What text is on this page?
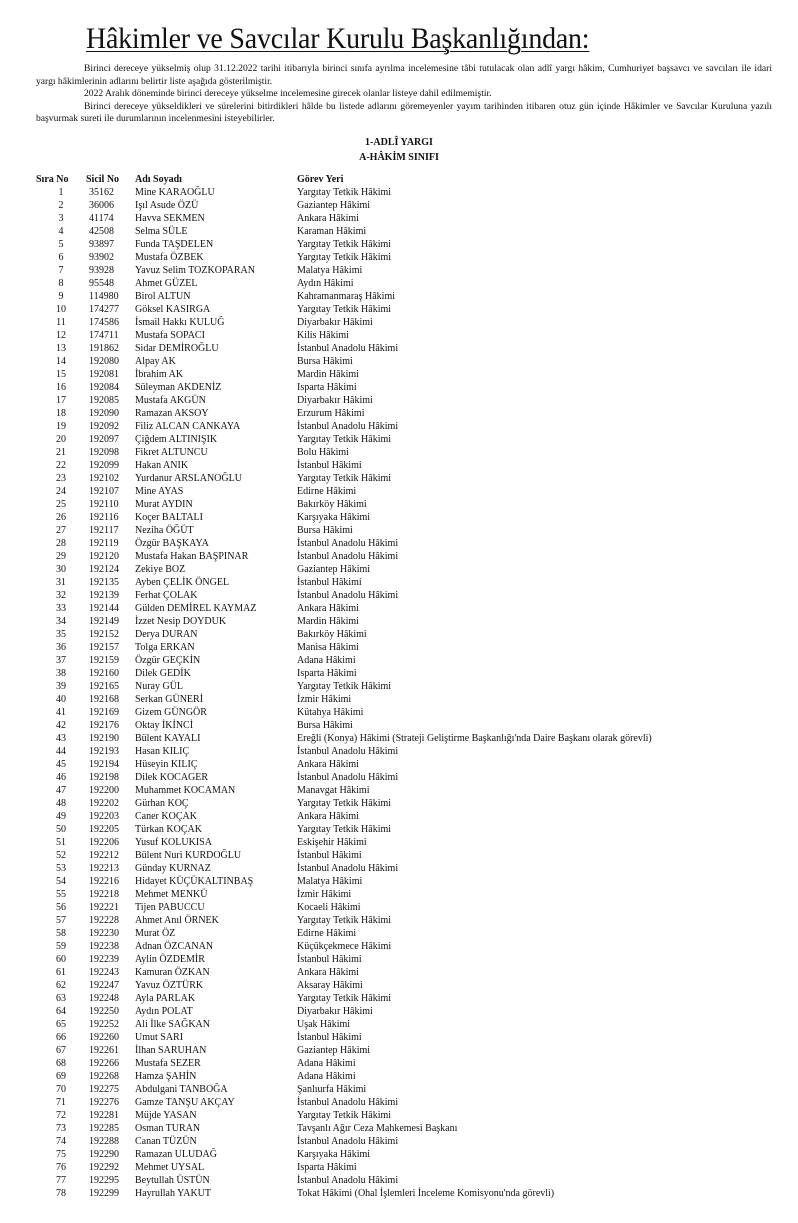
Hâkimler ve Savcılar Kurulu Başkanlığından:

Birinci dereceye yükselmiş olup 31.12.2022 tarihi itibarıyla birinci sınıfa ayrılma incelemesine tâbi tutulacak olan adlî yargı hâkim, Cumhuriyet başsavcı ve savcıları ile idari yargı hâkimlerinin adlarını belirtir liste aşağıda gösterilmiştir.

2022 Aralık döneminde birinci dereceye yükselme incelemesine girecek olanlar listeye dahil edilmemiştir.

Birinci dereceye yükseldikleri ve sürelerini bitirdikleri hâlde bu listede adlarını göremeyenler yayım tarihinden itibaren otuz gün içinde Hâkimler ve Savcılar Kuruluna yazılı başvurmak sureti ile durumlarının incelenmesini isteyebilirler.

1-ADLÎ YARGI
A-HÂKİM SINIFI
Sıra No	Sicil No	Adı Soyadı	Görev Yeri
1	35162	Mine KARAOĞLU	Yargıtay Tetkik Hâkimi
2	36006	Işıl Asude ÖZÜ	Gaziantep Hâkimi
3	41174	Havva SEKMEN	Ankara Hâkimi
4	42508	Selma SÜLE	Karaman Hâkimi
5	93897	Funda TAŞDELEN	Yargıtay Tetkik Hâkimi
6	93902	Mustafa ÖZBEK	Yargıtay Tetkik Hâkimi
7	93928	Yavuz Selim TOZKOPARAN	Malatya Hâkimi
8	95548	Ahmet GÜZEL	Aydın Hâkimi
9	114980	Birol ALTUN	Kahramanmaraş Hâkimi
10	174277	Göksel KASIRGA	Yargıtay Tetkik Hâkimi
11	174586	İsmail Hakkı KULUĞ	Diyarbakır Hâkimi
12	174711	Mustafa SOPACI	Kilis Hâkimi
13	191862	Sidar DEMİROĞLU	İstanbul Anadolu Hâkimi
14	192080	Alpay AK	Bursa Hâkimi
15	192081	İbrahim AK	Mardin Hâkimi
16	192084	Süleyman AKDENİZ	Isparta Hâkimi
17	192085	Mustafa AKGÜN	Diyarbakır Hâkimi
18	192090	Ramazan AKSOY	Erzurum Hâkimi
19	192092	Filiz ALCAN CANKAYA	İstanbul Anadolu Hâkimi
20	192097	Çiğdem ALTINIŞIK	Yargıtay Tetkik Hâkimi
21	192098	Fikret ALTUNCU	Bolu Hâkimi
22	192099	Hakan ANIK	İstanbul Hâkimi
23	192102	Yurdanur ARSLANOĞLU	Yargıtay Tetkik Hâkimi
24	192107	Mine AYAS	Edirne Hâkimi
25	192110	Murat AYDIN	Bakırköy Hâkimi
26	192116	Koçer BALTALI	Karşıyaka Hâkimi
27	192117	Neziha ÖĞÜT	Bursa Hâkimi
28	192119	Özgür BAŞKAYA	İstanbul Anadolu Hâkimi
29	192120	Mustafa Hakan BAŞPINAR	İstanbul Anadolu Hâkimi
30	192124	Zekiye BOZ	Gaziantep Hâkimi
31	192135	Ayben ÇELİK ÖNGEL	İstanbul Hâkimi
32	192139	Ferhat ÇOLAK	İstanbul Anadolu Hâkimi
33	192144	Gülden DEMİREL KAYMAZ	Ankara Hâkimi
34	192149	İzzet Nesip DOYDUK	Mardin Hâkimi
35	192152	Derya DURAN	Bakırköy Hâkimi
36	192157	Tolga ERKAN	Manisa Hâkimi
37	192159	Özgür GEÇKİN	Adana Hâkimi
38	192160	Dilek GEDİK	Isparta Hâkimi
39	192165	Nuray GÜL	Yargıtay Tetkik Hâkimi
40	192168	Serkan GÜNERİ	İzmir Hâkimi
41	192169	Gizem GÜNGÖR	Kütahya Hâkimi
42	192176	Oktay İKİNCİ	Bursa Hâkimi
43	192190	Bülent KAYALI	Ereğli (Konya) Hâkimi (Strateji Geliştirme Başkanlığı'nda Daire Başkanı olarak görevli)
44	192193	Hasan KILIÇ	İstanbul Anadolu Hâkimi
45	192194	Hüseyin KILIÇ	Ankara Hâkimi
46	192198	Dilek KOCAGER	İstanbul Anadolu Hâkimi
47	192200	Muhammet KOCAMAN	Manavgat Hâkimi
48	192202	Gürhan KOÇ	Yargıtay Tetkik Hâkimi
49	192203	Caner KOÇAK	Ankara Hâkimi
50	192205	Türkan KOÇAK	Yargıtay Tetkik Hâkimi
51	192206	Yusuf KOLUKISA	Eskişehir Hâkimi
52	192212	Bülent Nuri KURDOĞLU	İstanbul Hâkimi
53	192213	Günday KURNAZ	İstanbul Anadolu Hâkimi
54	192216	Hidayet KÜÇÜKALTINBAŞ	Malatya Hâkimi
55	192218	Mehmet MENKÜ	İzmir Hâkimi
56	192221	Tijen PABUCCU	Kocaeli Hâkimi
57	192228	Ahmet Anıl ÖRNEK	Yargıtay Tetkik Hâkimi
58	192230	Murat ÖZ	Edirne Hâkimi
59	192238	Adnan ÖZCANAN	Küçükçekmece Hâkimi
60	192239	Aylin ÖZDEMİR	İstanbul Hâkimi
61	192243	Kamuran ÖZKAN	Ankara Hâkimi
62	192247	Yavuz ÖZTÜRK	Aksaray Hâkimi
63	192248	Ayla PARLAK	Yargıtay Tetkik Hâkimi
64	192250	Aydın POLAT	Diyarbakır Hâkimi
65	192252	Ali İlke SAĞKAN	Uşak Hâkimi
66	192260	Umut SARI	İstanbul Hâkimi
67	192261	İlhan SARUHAN	Gaziantep Hâkimi
68	192266	Mustafa SEZER	Adana Hâkimi
69	192268	Hamza ŞAHİN	Adana Hâkimi
70	192275	Abdulgani TANBOĞA	Şanlıurfa Hâkimi
71	192276	Gamze TANŞU AKÇAY	İstanbul Anadolu Hâkimi
72	192281	Müjde YASAN	Yargıtay Tetkik Hâkimi
73	192285	Osman TURAN	Tavşanlı Ağır Ceza Mahkemesi Başkanı
74	192288	Canan TÜZÜN	İstanbul Anadolu Hâkimi
75	192290	Ramazan ULUDAĞ	Karşıyaka Hâkimi
76	192292	Mehmet UYSAL	Isparta Hâkimi
77	192295	Beytullah ÜSTÜN	İstanbul Anadolu Hâkimi
78	192299	Hayrullah YAKUT	Tokat Hâkimi (Ohal İşlemleri İnceleme Komisyonu'nda görevli)
